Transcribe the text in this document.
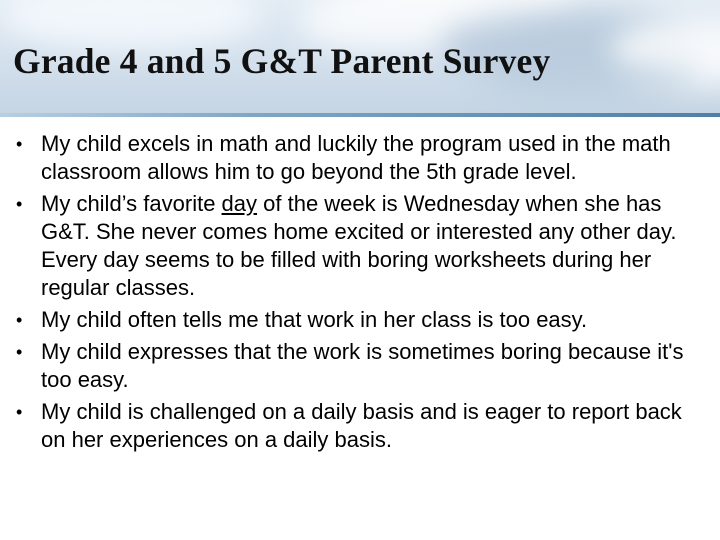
Grade 4 and 5 G&T Parent Survey
• My child excels in math and luckily the program used in the math classroom allows him to go beyond the 5th grade level.
• My child’s favorite day of the week is Wednesday when she has G&T. She never comes home excited or interested any other day. Every day seems to be filled with boring worksheets during her regular classes.
• My child often tells me that work in her class is too easy.
• My child expresses that the work is sometimes boring because it's too easy.
• My child is challenged on a daily basis and is eager to report back on her experiences on a daily basis.
